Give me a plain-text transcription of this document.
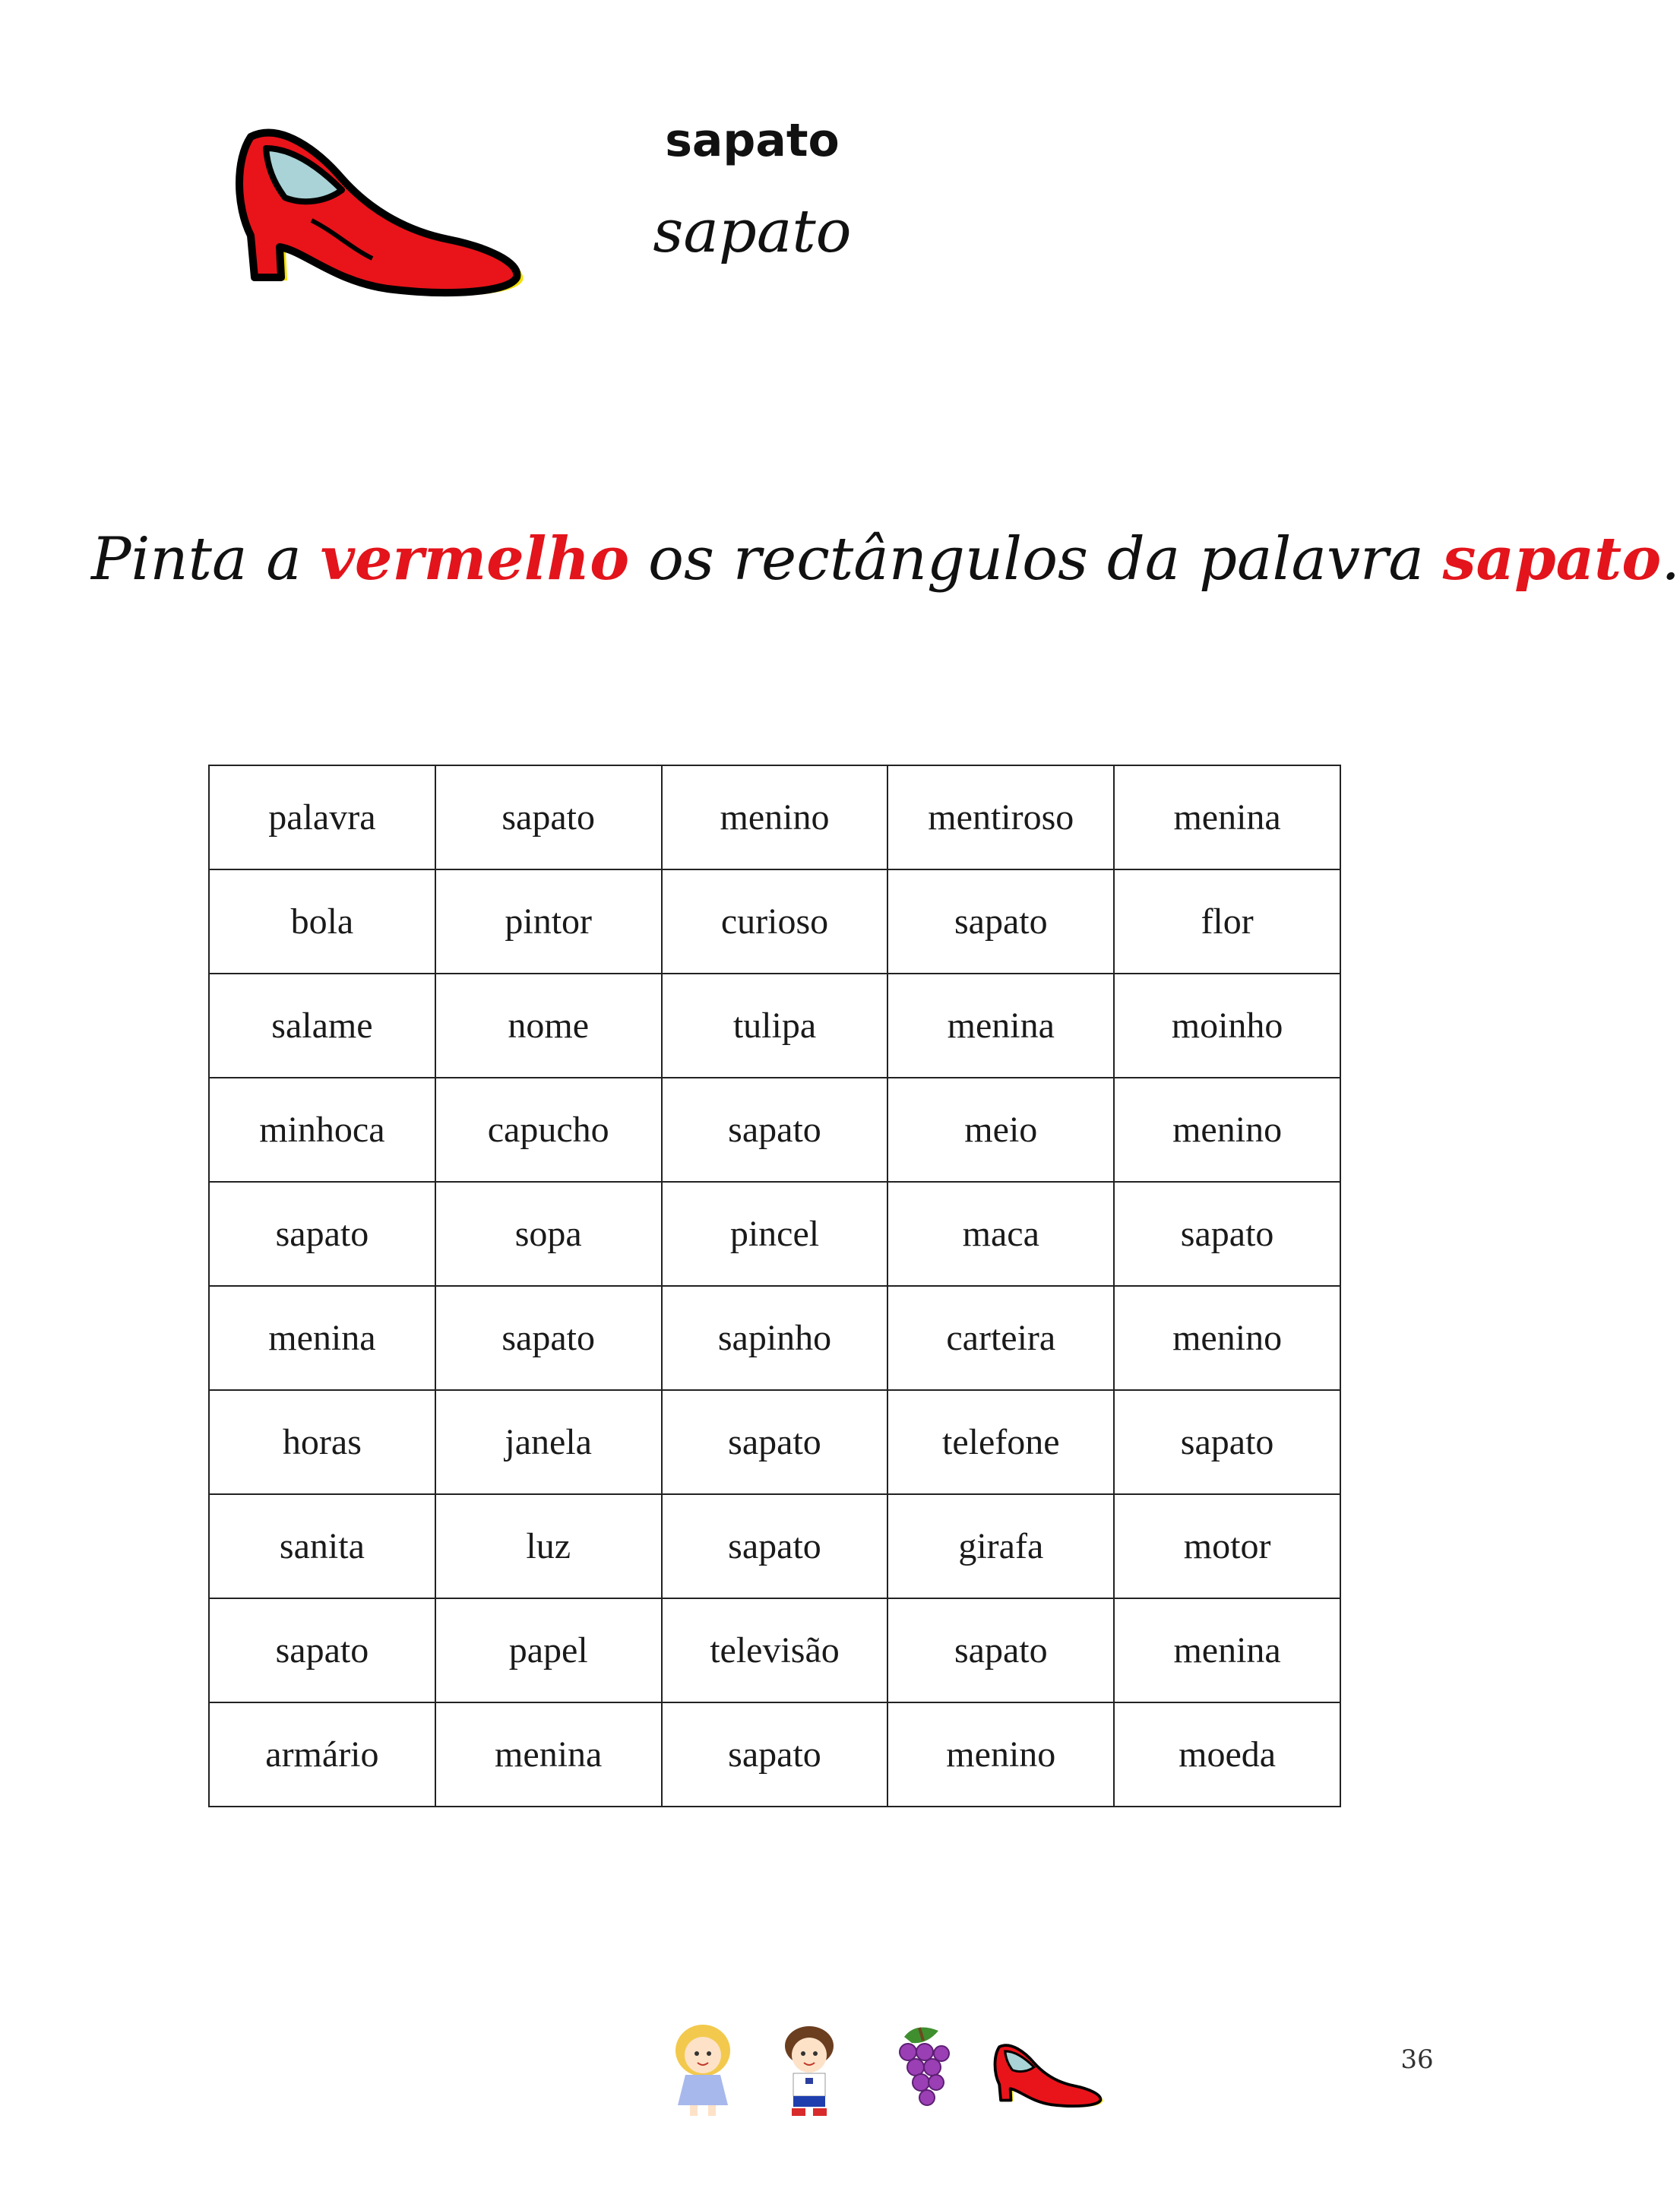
sapato
sapato
Pinta a vermelho os rectângulos da palavra sapato.
palavra	sapato	menino	mentiroso	menina
bola	pintor	curioso	sapato	flor
salame	nome	tulipa	menina	moinho
minhoca	capucho	sapato	meio	menino
sapato	sopa	pincel	maca	sapato
menina	sapato	sapinho	carteira	menino
horas	janela	sapato	telefone	sapato
sanita	luz	sapato	girafa	motor
sapato	papel	televisão	sapato	menina
armário	menina	sapato	menino	moeda
36
